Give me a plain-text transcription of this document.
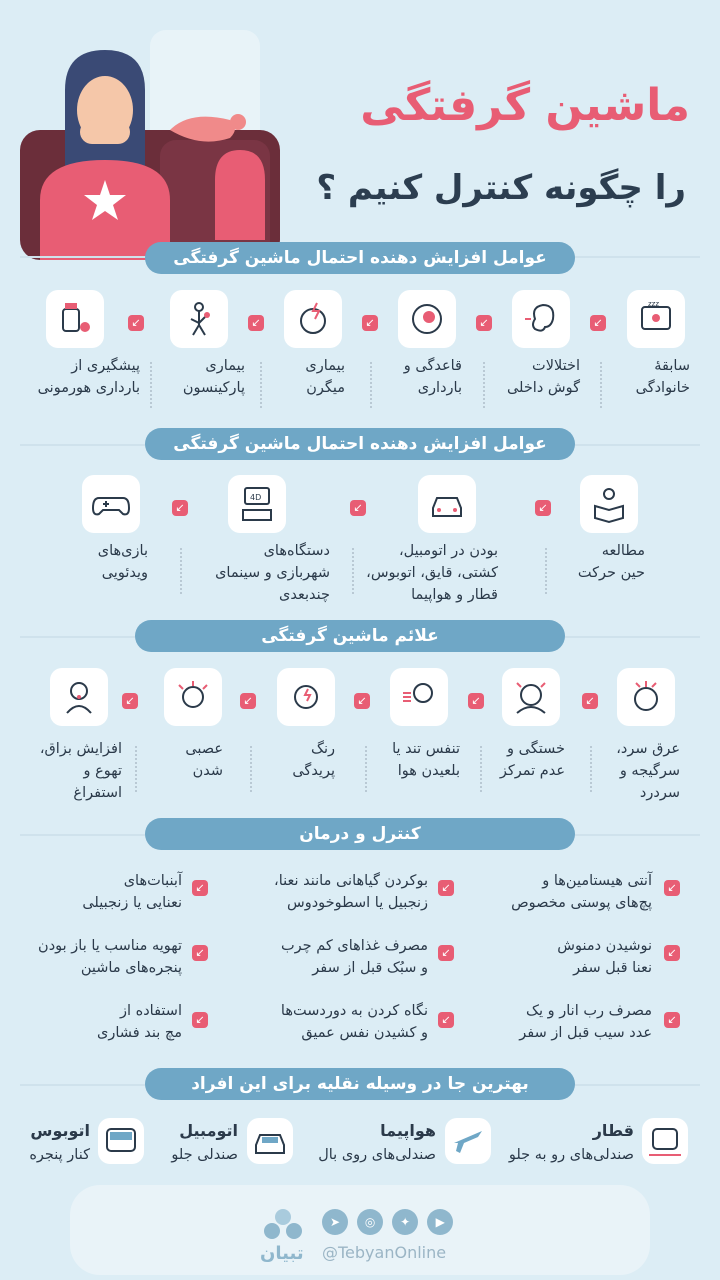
ماشین گرفتگی
را چگونه کنترل کنیم ؟
عوامل افزایش دهنده احتمال ماشین گرفتگی
zzz
↙
↙
↙
↙
↙
سابقهٔ
خانوادگی
اختلالات
گوش داخلی
قاعدگی و
بارداری
بیماری
میگرن
بیماری
پارکینسون
پیشگیری از
بارداری هورمونی
عوامل افزایش دهنده احتمال ماشین گرفتگی
4D
↙
↙
↙
مطالعه
حین حرکت
بودن در اتومبیل،
کشتی، قایق، اتوبوس،
قطار و هواپیما
دستگاه‌های
شهربازی و سینمای
چندبعدی
بازی‌های
ویدئویی
علائم ماشین گرفتگی
↙
↙
↙
↙
↙
عرق سرد،
سرگیجه و
سردرد
خستگی و
عدم تمرکز
تنفس تند یا
بلعیدن هوا
رنگ
پریدگی
عصبی
شدن
افزایش بزاق،
تهوع و
استفراغ
کنترل و درمان
↙
آنتی هیستامین‌ها و
پچ‌های پوستی مخصوص
↙
بوکردن گیاهانی مانند نعنا،
زنجبیل یا اسطوخودوس
↙
آبنبات‌های
نعنایی یا زنجبیلی
↙
نوشیدن دمنوش
نعنا قبل سفر
↙
مصرف غذاهای کم چرب
و سبُک قبل از سفر
↙
تهویه مناسب یا باز بودن
پنجره‌های ماشین
↙
مصرف رب انار و یک
عدد سیب قبل از سفر
↙
نگاه کردن به دوردست‌ها
و کشیدن نفس عمیق
↙
استفاده از
مچ بند فشاری
بهترین جا در وسیله نقلیه برای این افراد
قطار
صندلی‌های رو به جلو
هواپیما
صندلی‌های روی بال
اتومبیل
صندلی جلو
اتوبوس
کنار پنجره
تبیان
➤ ◎ ✦ ▶
@TebyanOnline
